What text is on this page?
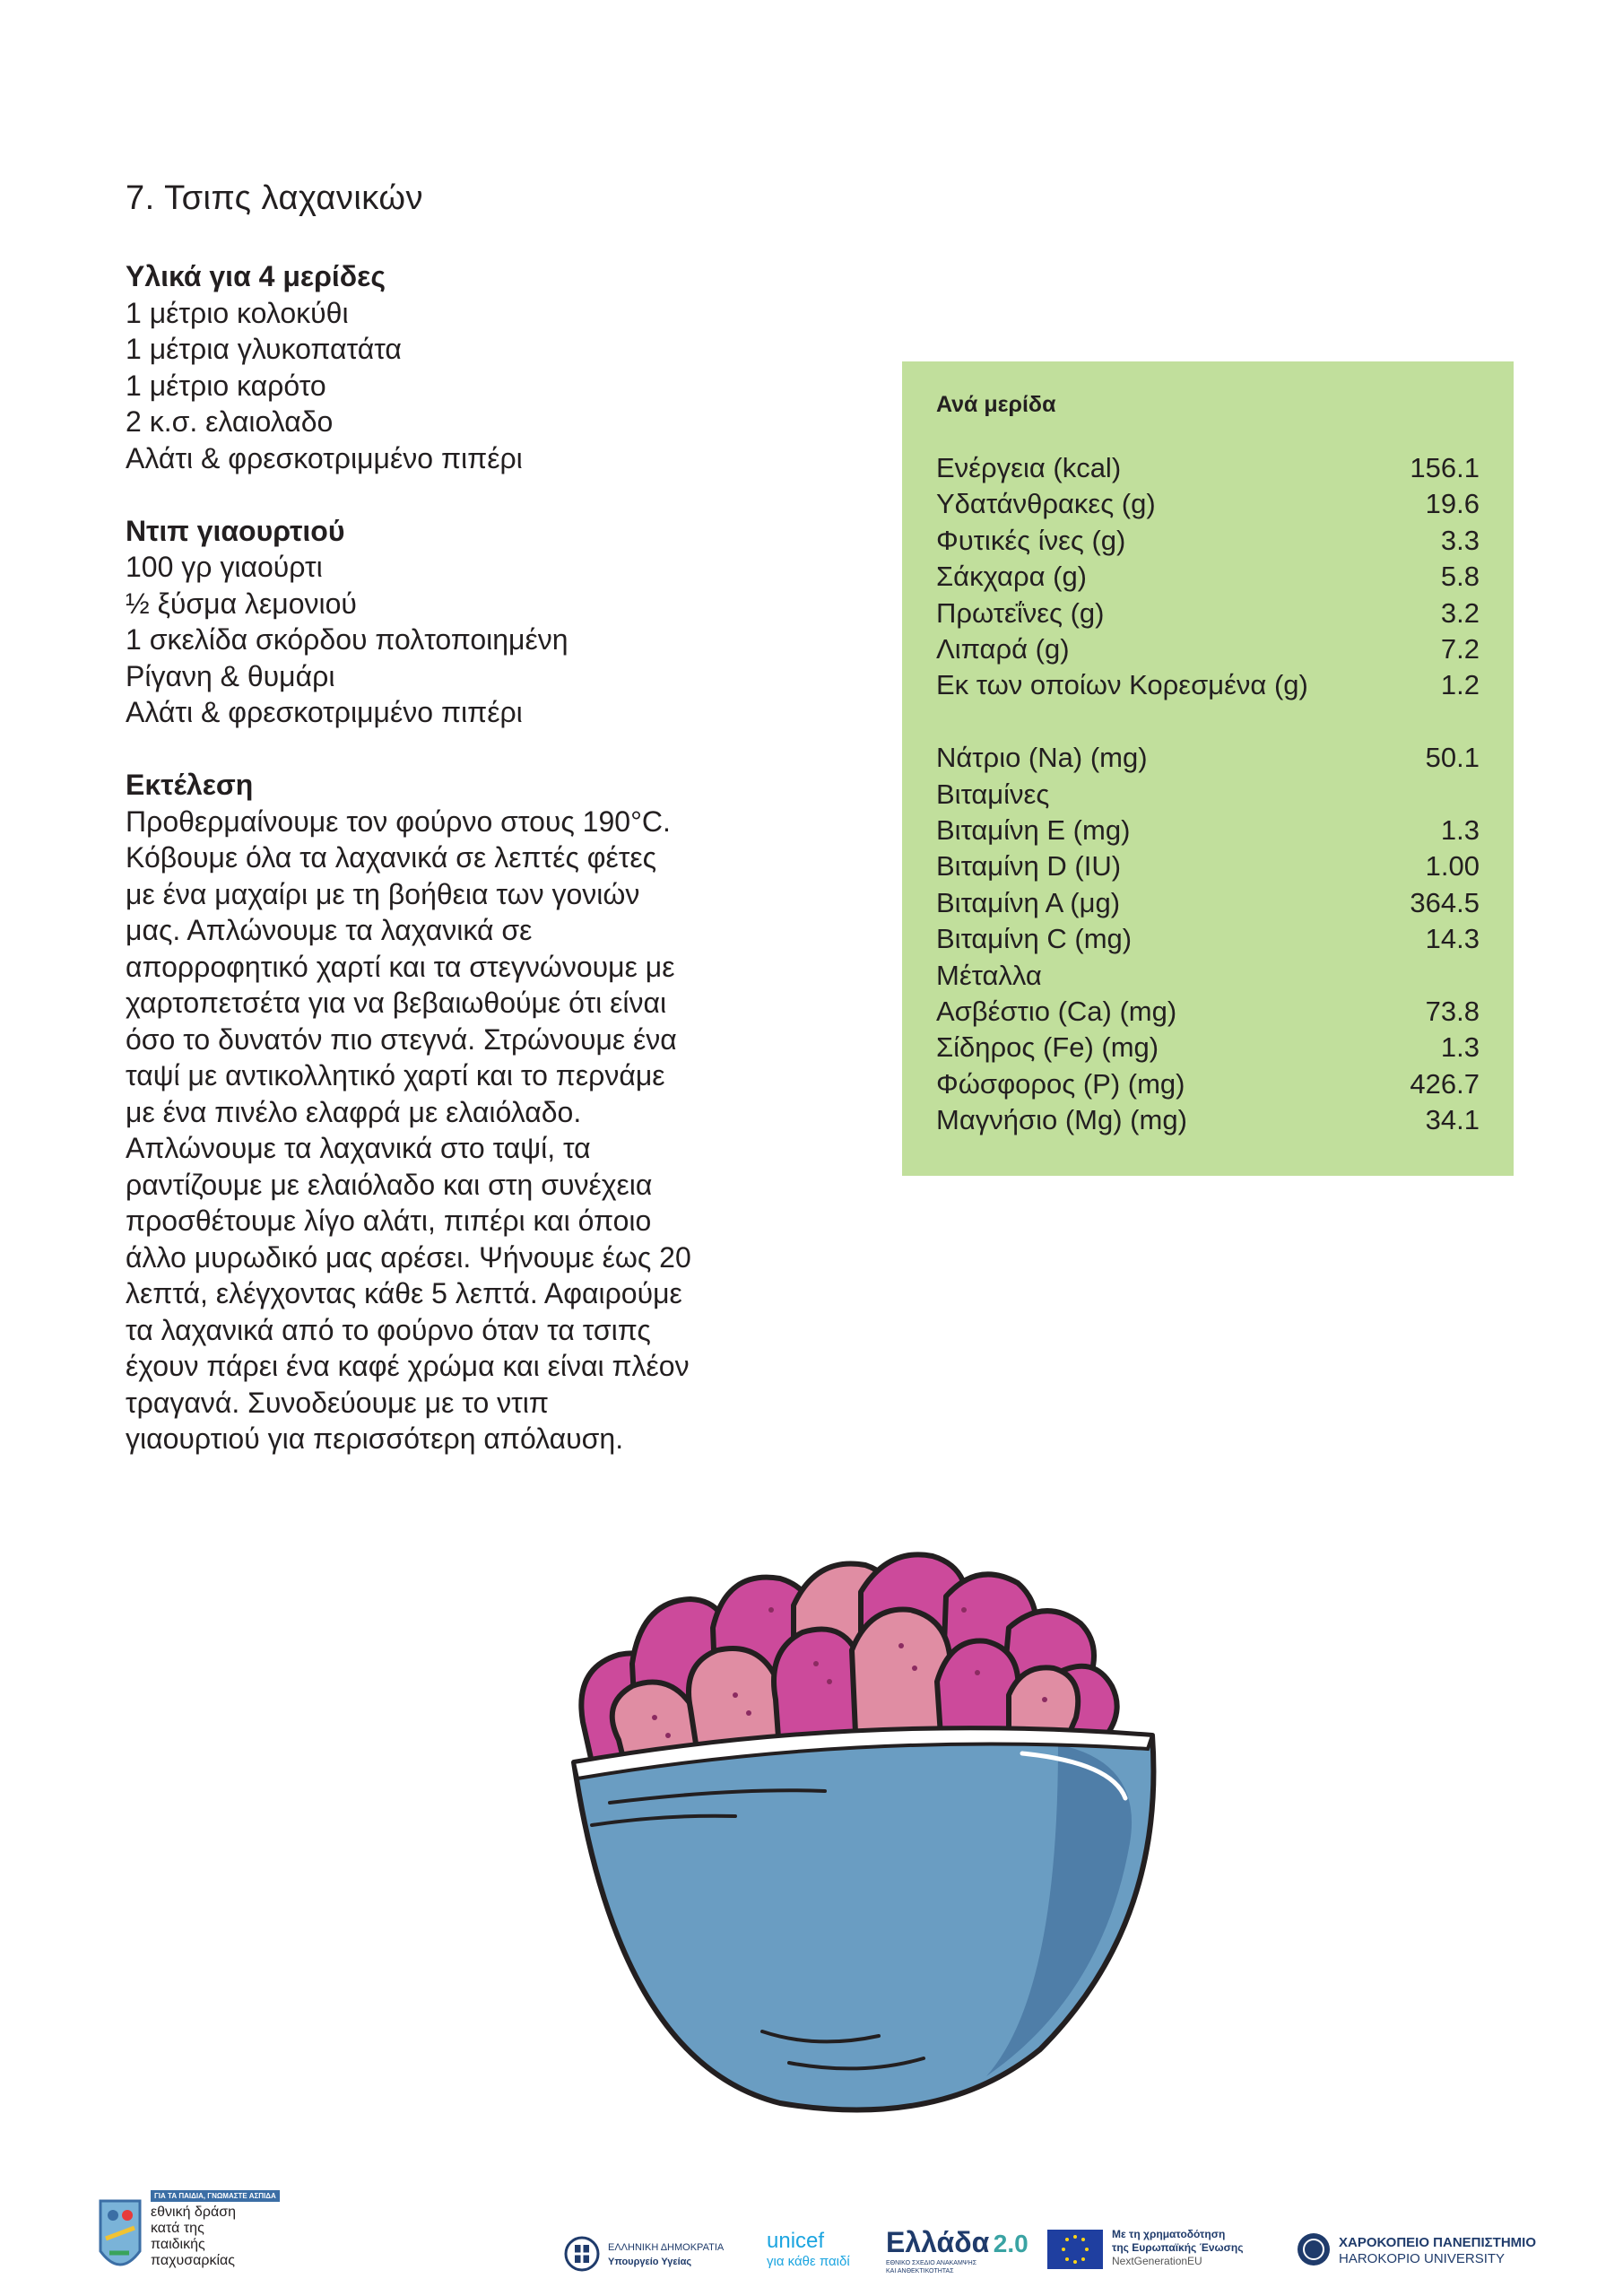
7. Τσιπς λαχανικών
Υλικά για 4 μερίδες
1 μέτριο κολοκύθι
1 μέτρια γλυκοπατάτα
1 μέτριο καρότο
2 κ.σ. ελαιολαδο
Αλάτι & φρεσκοτριμμένο πιπέρι
Ντιπ γιαουρτιού
100 γρ γιαούρτι
½ ξύσμα λεμονιού
1 σκελίδα σκόρδου πολτοποιημένη
Ρίγανη & θυμάρι
Αλάτι & φρεσκοτριμμένο πιπέρι
Εκτέλεση
Προθερμαίνουμε τον φούρνο στους 190°C.
Κόβουμε όλα τα λαχανικά σε λεπτές φέτες
με ένα μαχαίρι με τη βοήθεια των γονιών
μας. Απλώνουμε τα λαχανικά σε
απορροφητικό χαρτί και τα στεγνώνουμε με
χαρτοπετσέτα για να βεβαιωθούμε ότι είναι
όσο το δυνατόν πιο στεγνά. Στρώνουμε ένα
ταψί με αντικολλητικό χαρτί και το περνάμε
με ένα πινέλο ελαφρά με ελαιόλαδο.
Απλώνουμε τα λαχανικά στο ταψί, τα
ραντίζουμε με ελαιόλαδο και στη συνέχεια
προσθέτουμε λίγο αλάτι, πιπέρι και όποιο
άλλο μυρωδικό μας αρέσει. Ψήνουμε έως 20
λεπτά, ελέγχοντας κάθε 5 λεπτά. Αφαιρούμε
τα λαχανικά από το φούρνο όταν τα τσιπς
έχουν πάρει ένα καφέ χρώμα και είναι πλέον
τραγανά. Συνοδεύουμε με το ντιπ
γιαουρτιού για περισσότερη απόλαυση.
Ανά μερίδα
Ενέργεια (kcal)	156.1
Υδατάνθρακες (g)	19.6
Φυτικές ίνες (g)	3.3
Σάκχαρα (g)	5.8
Πρωτεΐνες (g)	3.2
Λιπαρά (g)	7.2
Εκ των οποίων Κορεσμένα (g)	1.2
Νάτριο (Na) (mg)	50.1
Βιταμίνες
Βιταμίνη Ε (mg)	1.3
Βιταμίνη D (IU)	1.00
Βιταμίνη Α (μg)	364.5
Βιταμίνη C (mg)	14.3
Μέταλλα
Ασβέστιο (Ca) (mg)	73.8
Σίδηρος (Fe) (mg)	1.3
Φώσφορος (P) (mg)	426.7
Μαγνήσιο (Mg) (mg)	34.1
ΓΙΑ ΤΑ ΠΑΙΔΙΑ, ΓΝΩΜΑΣΤΕ ΑΣΠΙΔΑ
εθνική δράση
κατά της
παιδικής
παχυσαρκίας
ΕΛΛΗΝΙΚΗ ΔΗΜΟΚΡΑΤΙΑ
Υπουργείο Υγείας
unicef
για κάθε παιδί
Ελλάδα 2.0
ΕΘΝΙΚΟ ΣΧΕΔΙΟ ΑΝΑΚΑΜΨΗΣ
ΚΑΙ ΑΝΘΕΚΤΙΚΟΤΗΤΑΣ
Με τη χρηματοδότηση
της Ευρωπαϊκής Ένωσης
NextGenerationEU
ΧΑΡΟΚΟΠΕΙΟ ΠΑΝΕΠΙΣΤΗΜΙΟ
HAROKOPIO UNIVERSITY
